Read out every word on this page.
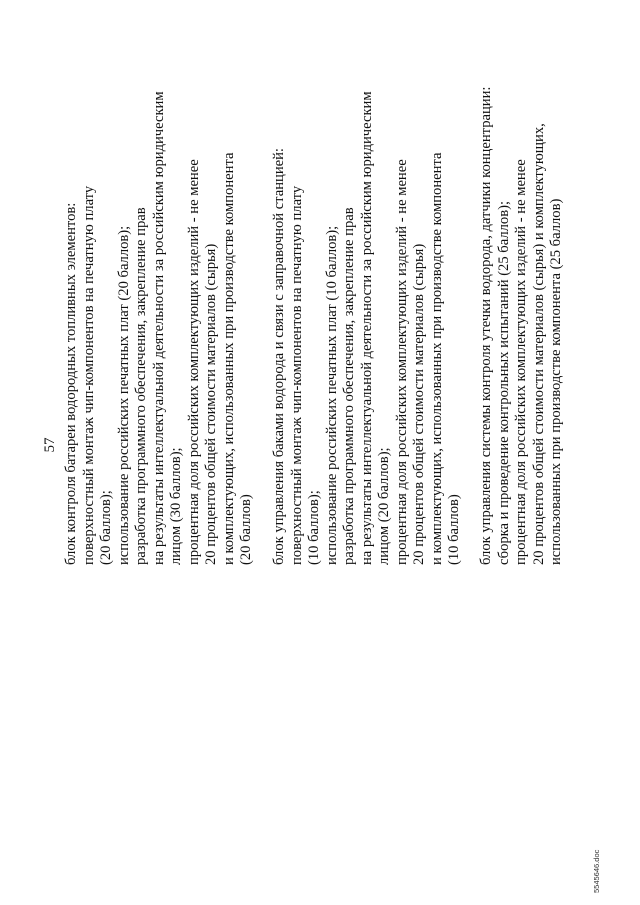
57 блок контроля батареи водородных топливных элементов: поверхностный монтаж чип-компонентов на печатную плату (20 баллов); использование российских печатных плат (20 баллов); разработка программного обеспечения, закрепление прав на результаты интеллектуальной деятельности за российским юридическим лицом (30 баллов); процентная доля российских комплектующих изделий - не менее 20 процентов общей стоимости материалов (сырья) и комплектующих, использованных при производстве компонента (20 баллов) блок управления баками водорода и связи с заправочной станцией: поверхностный монтаж чип-компонентов на печатную плату (10 баллов); использование российских печатных плат (10 баллов); разработка программного обеспечения, закрепление прав на результаты интеллектуальной деятельности за российским юридическим лицом (20 баллов); процентная доля российских комплектующих изделий - не менее 20 процентов общей стоимости материалов (сырья) и комплектующих, использованных при производстве компонента (10 баллов) блок управления системы контроля утечки водорода, датчики концентрации: сборка и проведение контрольных испытаний (25 баллов); процентная доля российских комплектующих изделий - не менее 20 процентов общей стоимости материалов (сырья) и комплектующих, использованных при производстве компонента (25 баллов)
5545646.doc
